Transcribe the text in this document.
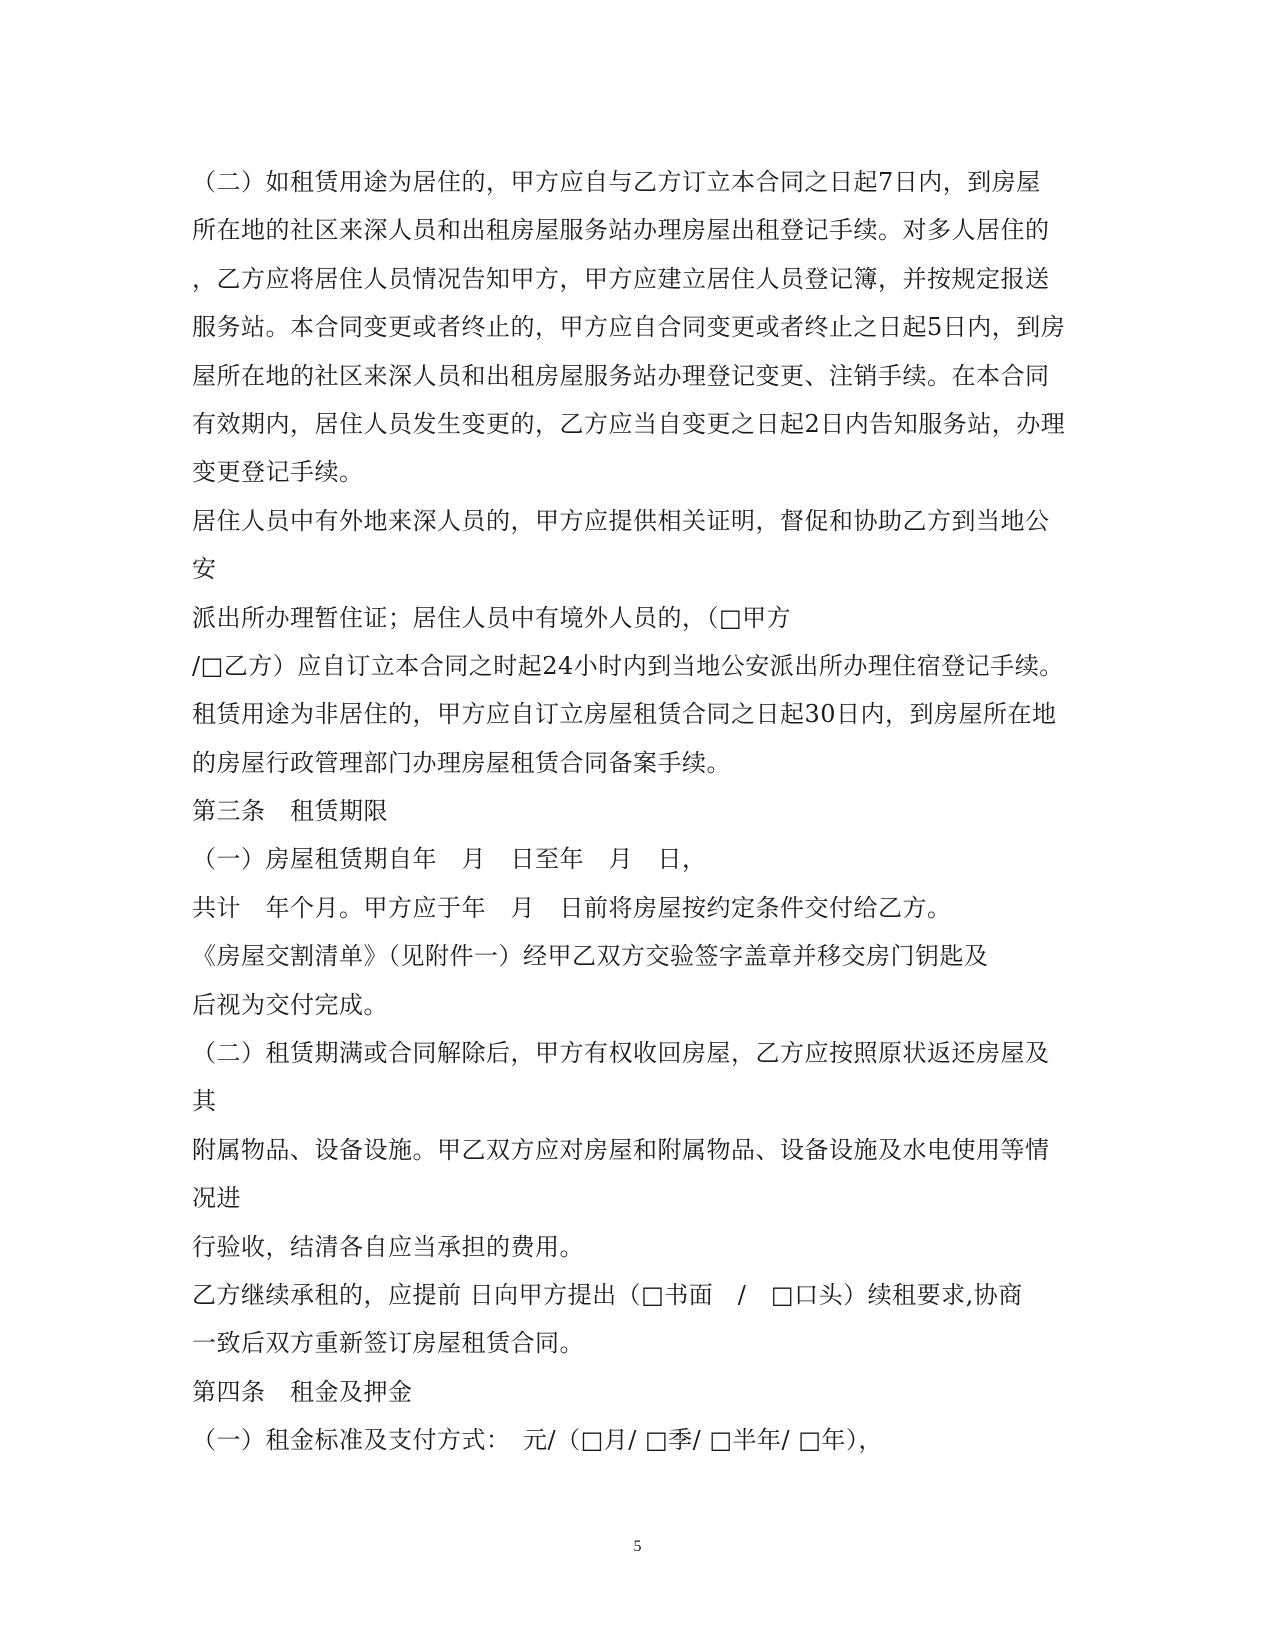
（二）如租赁用途为居住的，甲方应自与乙方订立本合同之日起7日内，到房屋
所在地的社区来深人员和出租房屋服务站办理房屋出租登记手续。对多人居住的
，乙方应将居住人员情况告知甲方，甲方应建立居住人员登记簿，并按规定报送
服务站。本合同变更或者终止的，甲方应自合同变更或者终止之日起5日内，到房
屋所在地的社区来深人员和出租房屋服务站办理登记变更、注销手续。在本合同
有效期内，居住人员发生变更的，乙方应当自变更之日起2日内告知服务站，办理
变更登记手续。
居住人员中有外地来深人员的，甲方应提供相关证明，督促和协助乙方到当地公
安
派出所办理暂住证；居住人员中有境外人员的，（□甲方
/□乙方）应自订立本合同之时起24小时内到当地公安派出所办理住宿登记手续。
租赁用途为非居住的，甲方应自订立房屋租赁合同之日起30日内，到房屋所在地
的房屋行政管理部门办理房屋租赁合同备案手续。
第三条　租赁期限
（一）房屋租赁期自年　月　日至年　月　日，
共计　年个月。甲方应于年　月　日前将房屋按约定条件交付给乙方。
《房屋交割清单》（见附件一）经甲乙双方交验签字盖章并移交房门钥匙及
后视为交付完成。
（二）租赁期满或合同解除后，甲方有权收回房屋，乙方应按照原状返还房屋及
其
附属物品、设备设施。甲乙双方应对房屋和附属物品、设备设施及水电使用等情
况进
行验收，结清各自应当承担的费用。
乙方继续承租的，应提前 日向甲方提出（□书面　/　□口头）续租要求,协商
一致后双方重新签订房屋租赁合同。
第四条　租金及押金
（一）租金标准及支付方式：　元/（□月/ □季/ □半年/ □年），
5
